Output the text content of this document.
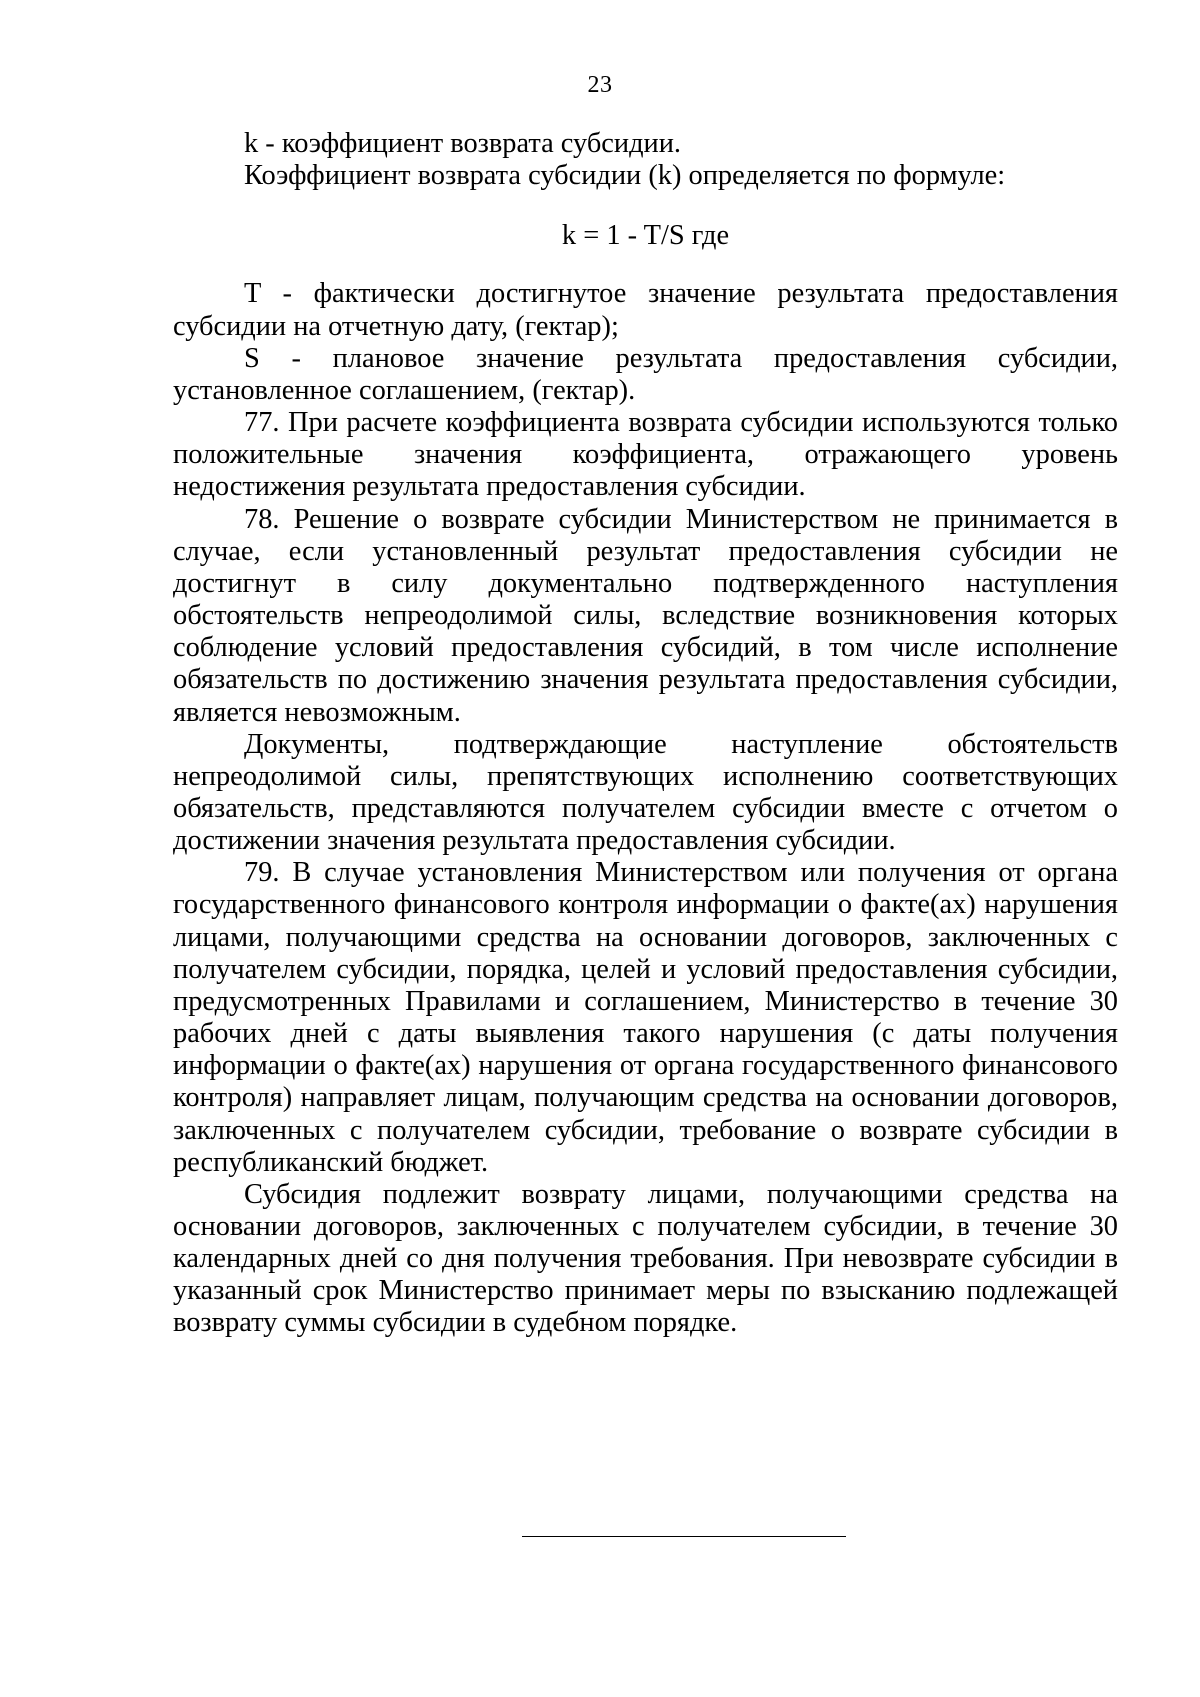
23

k - коэффициент возврата субсидии.

Коэффициент возврата субсидии (k) определяется по формуле:

k = 1 - T/S где

T - фактически достигнутое значение результата предоставления субсидии на отчетную дату, (гектар);

S - плановое значение результата предоставления субсидии, установленное соглашением, (гектар).

77. При расчете коэффициента возврата субсидии используются только положительные значения коэффициента, отражающего уровень недостижения результата предоставления субсидии.

78. Решение о возврате субсидии Министерством не принимается в случае, если установленный результат предоставления субсидии не достигнут в силу документально подтвержденного наступления обстоятельств непреодолимой силы, вследствие возникновения которых соблюдение условий предоставления субсидий, в том числе исполнение обязательств по достижению значения результата предоставления субсидии, является невозможным.

Документы, подтверждающие наступление обстоятельств непреодолимой силы, препятствующих исполнению соответствующих обязательств, представляются получателем субсидии вместе с отчетом о достижении значения результата предоставления субсидии.

79. В случае установления Министерством или получения от органа государственного финансового контроля информации о факте(ах) нарушения лицами, получающими средства на основании договоров, заключенных с получателем субсидии, порядка, целей и условий предоставления субсидии, предусмотренных Правилами и соглашением, Министерство в течение 30 рабочих дней с даты выявления такого нарушения (с даты получения информации о факте(ах) нарушения от органа государственного финансового контроля) направляет лицам, получающим средства на основании договоров, заключенных с получателем субсидии, требование о возврате субсидии в республиканский бюджет.

Субсидия подлежит возврату лицами, получающими средства на основании договоров, заключенных с получателем субсидии, в течение 30 календарных дней со дня получения требования. При невозврате субсидии в указанный срок Министерство принимает меры по взысканию подлежащей возврату суммы субсидии в судебном порядке.
